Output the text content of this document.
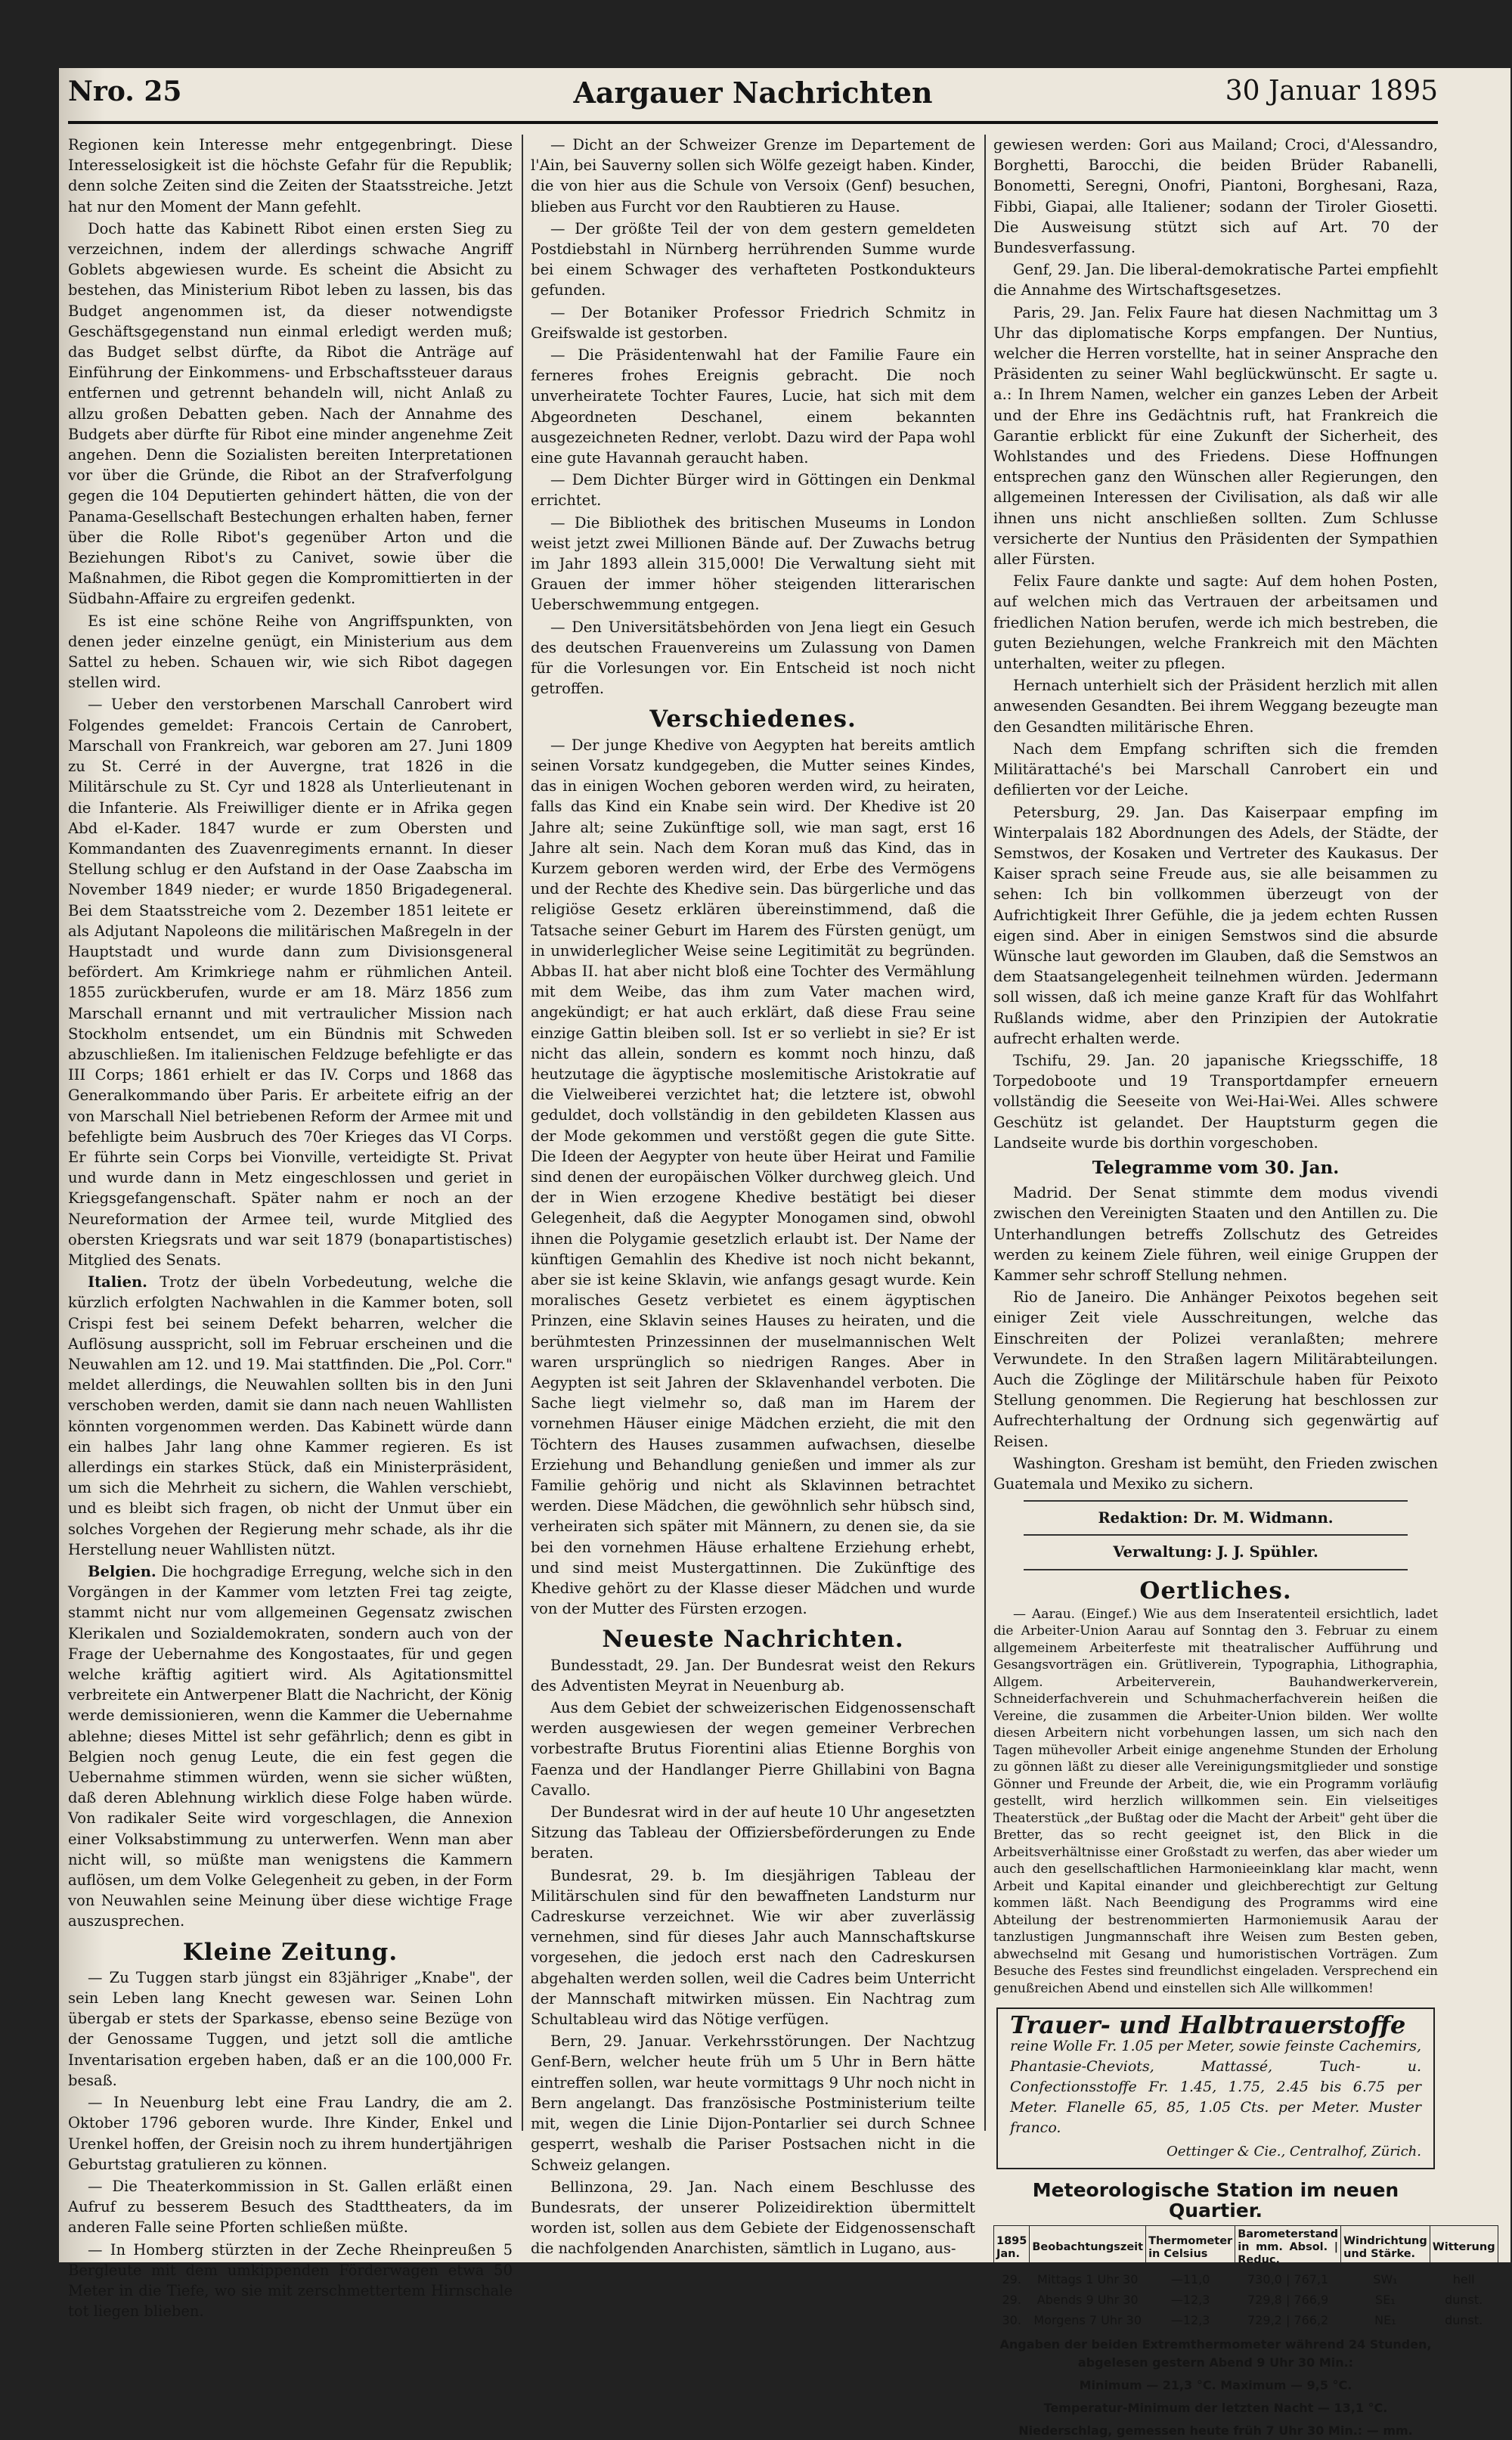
Nro. 25	Aargauer Nachrichten	30 Januar 1895

Regionen kein Interesse mehr entgegenbringt. Diese Interesselosigkeit ist die höchste Gefahr für die Republik; denn solche Zeiten sind die Zeiten der Staatsstreiche. Jetzt hat nur den Moment der Mann gefehlt.

Doch hatte das Kabinett Ribot einen ersten Sieg zu verzeichnen, indem der allerdings schwache Angriff Goblets abgewiesen wurde. Es scheint die Absicht zu bestehen, das Ministerium Ribot leben zu lassen, bis das Budget angenommen ist, da dieser notwendigste Geschäftsgegenstand nun einmal erledigt werden muß; das Budget selbst dürfte, da Ribot die Anträge auf Einführung der Einkommens- und Erbschaftssteuer daraus entfernen und getrennt behandeln will, nicht Anlaß zu allzu großen Debatten geben. Nach der Annahme des Budgets aber dürfte für Ribot eine minder angenehme Zeit angehen. Denn die Sozialisten bereiten Interpretationen vor über die Gründe, die Ribot an der Strafverfolgung gegen die 104 Deputierten gehindert hätten, die von der Panama-Gesellschaft Bestechungen erhalten haben, ferner über die Rolle Ribot's gegenüber Arton und die Beziehungen Ribot's zu Canivet, sowie über die Maßnahmen, die Ribot gegen die Kompromittierten in der Südbahn-Affaire zu ergreifen gedenkt.

Es ist eine schöne Reihe von Angriffspunkten, von denen jeder einzelne genügt, ein Ministerium aus dem Sattel zu heben. Schauen wir, wie sich Ribot dagegen stellen wird.

— Ueber den verstorbenen Marschall Canrobert wird Folgendes gemeldet: Francois Certain de Canrobert, Marschall von Frankreich, war geboren am 27. Juni 1809 zu St. Cerré in der Auvergne, trat 1826 in die Militärschule zu St. Cyr und 1828 als Unterlieutenant in die Infanterie. Als Freiwilliger diente er in Afrika gegen Abd el-Kader. 1847 wurde er zum Obersten und Kommandanten des Zuavenregiments ernannt. In dieser Stellung schlug er den Aufstand in der Oase Zaabscha im November 1849 nieder; er wurde 1850 Brigadegeneral. Bei dem Staatsstreiche vom 2. Dezember 1851 leitete er als Adjutant Napoleons die militärischen Maßregeln in der Hauptstadt und wurde dann zum Divisionsgeneral befördert. Am Krimkriege nahm er rühmlichen Anteil. 1855 zurückberufen, wurde er am 18. März 1856 zum Marschall ernannt und mit vertraulicher Mission nach Stockholm entsendet, um ein Bündnis mit Schweden abzuschließen. Im italienischen Feldzuge befehligte er das III Corps; 1861 erhielt er das IV. Corps und 1868 das Generalkommando über Paris. Er arbeitete eifrig an der von Marschall Niel betriebenen Reform der Armee mit und befehligte beim Ausbruch des 70er Krieges das VI Corps. Er führte sein Corps bei Vionville, verteidigte St. Privat und wurde dann in Metz eingeschlossen und geriet in Kriegsgefangenschaft. Später nahm er noch an der Neureformation der Armee teil, wurde Mitglied des obersten Kriegsrats und war seit 1879 (bonapartistisches) Mitglied des Senats.

Italien. Trotz der übeln Vorbedeutung, welche die kürzlich erfolgten Nachwahlen in die Kammer boten, soll Crispi fest bei seinem Defekt beharren, welcher die Auflösung ausspricht, soll im Februar erscheinen und die Neuwahlen am 12. und 19. Mai stattfinden. Die „Pol. Corr." meldet allerdings, die Neuwahlen sollten bis in den Juni verschoben werden, damit sie dann nach neuen Wahllisten könnten vorgenommen werden. Das Kabinett würde dann ein halbes Jahr lang ohne Kammer regieren. Es ist allerdings ein starkes Stück, daß ein Ministerpräsident, um sich die Mehrheit zu sichern, die Wahlen verschiebt, und es bleibt sich fragen, ob nicht der Unmut über ein solches Vorgehen der Regierung mehr schade, als ihr die Herstellung neuer Wahllisten nützt.

Belgien. Die hochgradige Erregung, welche sich in den Vorgängen in der Kammer vom letzten Frei tag zeigte, stammt nicht nur vom allgemeinen Gegensatz zwischen Klerikalen und Sozialdemokraten, sondern auch von der Frage der Uebernahme des Kongostaates, für und gegen welche kräftig agitiert wird. Als Agitationsmittel verbreitete ein Antwerpener Blatt die Nachricht, der König werde demissionieren, wenn die Kammer die Uebernahme ablehne; dieses Mittel ist sehr gefährlich; denn es gibt in Belgien noch genug Leute, die ein fest gegen die Uebernahme stimmen würden, wenn sie sicher wüßten, daß deren Ablehnung wirklich diese Folge haben würde. Von radikaler Seite wird vorgeschlagen, die Annexion einer Volksabstimmung zu unterwerfen. Wenn man aber nicht will, so müßte man wenigstens die Kammern auflösen, um dem Volke Gelegenheit zu geben, in der Form von Neuwahlen seine Meinung über diese wichtige Frage auszusprechen.

Kleine Zeitung.

— Zu Tuggen starb jüngst ein 83jähriger „Knabe", der sein Leben lang Knecht gewesen war. Seinen Lohn übergab er stets der Sparkasse, ebenso seine Bezüge von der Genossame Tuggen, und jetzt soll die amtliche Inventarisation ergeben haben, daß er an die 100,000 Fr. besaß.

— In Neuenburg lebt eine Frau Landry, die am 2. Oktober 1796 geboren wurde. Ihre Kinder, Enkel und Urenkel hoffen, der Greisin noch zu ihrem hundertjährigen Geburtstag gratulieren zu können.

— Die Theaterkommission in St. Gallen erläßt einen Aufruf zu besserem Besuch des Stadttheaters, da im anderen Falle seine Pforten schließen müßte.

— In Homberg stürzten in der Zeche Rheinpreußen 5 Bergleute mit dem umkippenden Förderwagen etwa 50 Meter in die Tiefe, wo sie mit zerschmettertem Hirnschale tot liegen blieben.

— Dicht an der Schweizer Grenze im Departement de l'Ain, bei Sauverny sollen sich Wölfe gezeigt haben. Kinder, die von hier aus die Schule von Versoix (Genf) besuchen, blieben aus Furcht vor den Raubtieren zu Hause.

— Der größte Teil der von dem gestern gemeldeten Postdiebstahl in Nürnberg herrührenden Summe wurde bei einem Schwager des verhafteten Postkondukteurs gefunden.

— Der Botaniker Professor Friedrich Schmitz in Greifswalde ist gestorben.

— Die Präsidentenwahl hat der Familie Faure ein ferneres frohes Ereignis gebracht. Die noch unverheiratete Tochter Faures, Lucie, hat sich mit dem Abgeordneten Deschanel, einem bekannten ausgezeichneten Redner, verlobt. Dazu wird der Papa wohl eine gute Havannah geraucht haben.

— Dem Dichter Bürger wird in Göttingen ein Denkmal errichtet.

— Die Bibliothek des britischen Museums in London weist jetzt zwei Millionen Bände auf. Der Zuwachs betrug im Jahr 1893 allein 315,000! Die Verwaltung sieht mit Grauen der immer höher steigenden litterarischen Ueberschwemmung entgegen.

— Den Universitätsbehörden von Jena liegt ein Gesuch des deutschen Frauenvereins um Zulassung von Damen für die Vorlesungen vor. Ein Entscheid ist noch nicht getroffen.

Verschiedenes.

— Der junge Khedive von Aegypten hat bereits amtlich seinen Vorsatz kundgegeben, die Mutter seines Kindes, das in einigen Wochen geboren werden wird, zu heiraten, falls das Kind ein Knabe sein wird. Der Khedive ist 20 Jahre alt; seine Zukünftige soll, wie man sagt, erst 16 Jahre alt sein. Nach dem Koran muß das Kind, das in Kurzem geboren werden wird, der Erbe des Vermögens und der Rechte des Khedive sein. Das bürgerliche und das religiöse Gesetz erklären übereinstimmend, daß die Tatsache seiner Geburt im Harem des Fürsten genügt, um in unwiderleglicher Weise seine Legitimität zu begründen. Abbas II. hat aber nicht bloß eine Tochter des Vermählung mit dem Weibe, das ihm zum Vater machen wird, angekündigt; er hat auch erklärt, daß diese Frau seine einzige Gattin bleiben soll. Ist er so verliebt in sie? Er ist nicht das allein, sondern es kommt noch hinzu, daß heutzutage die ägyptische moslemitische Aristokratie auf die Vielweiberei verzichtet hat; die letztere ist, obwohl geduldet, doch vollständig in den gebildeten Klassen aus der Mode gekommen und verstößt gegen die gute Sitte. Die Ideen der Aegypter von heute über Heirat und Familie sind denen der europäischen Völker durchweg gleich. Und der in Wien erzogene Khedive bestätigt bei dieser Gelegenheit, daß die Aegypter Monogamen sind, obwohl ihnen die Polygamie gesetzlich erlaubt ist. Der Name der künftigen Gemahlin des Khedive ist noch nicht bekannt, aber sie ist keine Sklavin, wie anfangs gesagt wurde. Kein moralisches Gesetz verbietet es einem ägyptischen Prinzen, eine Sklavin seines Hauses zu heiraten, und die berühmtesten Prinzessinnen der muselmannischen Welt waren ursprünglich so niedrigen Ranges. Aber in Aegypten ist seit Jahren der Sklavenhandel verboten. Die Sache liegt vielmehr so, daß man im Harem der vornehmen Häuser einige Mädchen erzieht, die mit den Töchtern des Hauses zusammen aufwachsen, dieselbe Erziehung und Behandlung genießen und immer als zur Familie gehörig und nicht als Sklavinnen betrachtet werden. Diese Mädchen, die gewöhnlich sehr hübsch sind, verheiraten sich später mit Männern, zu denen sie, da sie bei den vornehmen Häuse erhaltene Erziehung erhebt, und sind meist Mustergattinnen. Die Zukünftige des Khedive gehört zu der Klasse dieser Mädchen und wurde von der Mutter des Fürsten erzogen.

Neueste Nachrichten.

Bundesstadt, 29. Jan. Der Bundesrat weist den Rekurs des Adventisten Meyrat in Neuenburg ab.

Aus dem Gebiet der schweizerischen Eidgenossenschaft werden ausgewiesen der wegen gemeiner Verbrechen vorbestrafte Brutus Fiorentini alias Etienne Borghis von Faenza und der Handlanger Pierre Ghillabini von Bagna Cavallo.

Der Bundesrat wird in der auf heute 10 Uhr angesetzten Sitzung das Tableau der Offiziersbeförderungen zu Ende beraten.

Bundesrat, 29. b. Im diesjährigen Tableau der Militärschulen sind für den bewaffneten Landsturm nur Cadreskurse verzeichnet. Wie wir aber zuverlässig vernehmen, sind für dieses Jahr auch Mannschaftskurse vorgesehen, die jedoch erst nach den Cadreskursen abgehalten werden sollen, weil die Cadres beim Unterricht der Mannschaft mitwirken müssen. Ein Nachtrag zum Schultableau wird das Nötige verfügen.

Bern, 29. Januar. Verkehrsstörungen. Der Nachtzug Genf-Bern, welcher heute früh um 5 Uhr in Bern hätte eintreffen sollen, war heute vormittags 9 Uhr noch nicht in Bern angelangt. Das französische Postministerium teilte mit, wegen die Linie Dijon-Pontarlier sei durch Schnee gesperrt, weshalb die Pariser Postsachen nicht in die Schweiz gelangen.

Bellinzona, 29. Jan. Nach einem Beschlusse des Bundesrats, der unserer Polizeidirektion übermittelt worden ist, sollen aus dem Gebiete der Eidgenossenschaft die nachfolgenden Anarchisten, sämtlich in Lugano, aus-

gewiesen werden: Gori aus Mailand; Croci, d'Alessandro, Borghetti, Barocchi, die beiden Brüder Rabanelli, Bonometti, Seregni, Onofri, Piantoni, Borghesani, Raza, Fibbi, Giapai, alle Italiener; sodann der Tiroler Giosetti. Die Ausweisung stützt sich auf Art. 70 der Bundesverfassung.

Genf, 29. Jan. Die liberal-demokratische Partei empfiehlt die Annahme des Wirtschaftsgesetzes.

Paris, 29. Jan. Felix Faure hat diesen Nachmittag um 3 Uhr das diplomatische Korps empfangen. Der Nuntius, welcher die Herren vorstellte, hat in seiner Ansprache den Präsidenten zu seiner Wahl beglückwünscht. Er sagte u. a.: In Ihrem Namen, welcher ein ganzes Leben der Arbeit und der Ehre ins Gedächtnis ruft, hat Frankreich die Garantie erblickt für eine Zukunft der Sicherheit, des Wohlstandes und des Friedens. Diese Hoffnungen entsprechen ganz den Wünschen aller Regierungen, den allgemeinen Interessen der Civilisation, als daß wir alle ihnen uns nicht anschließen sollten. Zum Schlusse versicherte der Nuntius den Präsidenten der Sympathien aller Fürsten.

Felix Faure dankte und sagte: Auf dem hohen Posten, auf welchen mich das Vertrauen der arbeitsamen und friedlichen Nation berufen, werde ich mich bestreben, die guten Beziehungen, welche Frankreich mit den Mächten unterhalten, weiter zu pflegen.

Hernach unterhielt sich der Präsident herzlich mit allen anwesenden Gesandten. Bei ihrem Weggang bezeugte man den Gesandten militärische Ehren.

Nach dem Empfang schriften sich die fremden Militärattaché's bei Marschall Canrobert ein und defilierten vor der Leiche.

Petersburg, 29. Jan. Das Kaiserpaar empfing im Winterpalais 182 Abordnungen des Adels, der Städte, der Semstwos, der Kosaken und Vertreter des Kaukasus. Der Kaiser sprach seine Freude aus, sie alle beisammen zu sehen: Ich bin vollkommen überzeugt von der Aufrichtigkeit Ihrer Gefühle, die ja jedem echten Russen eigen sind. Aber in einigen Semstwos sind die absurde Wünsche laut geworden im Glauben, daß die Semstwos an dem Staatsangelegenheit teilnehmen würden. Jedermann soll wissen, daß ich meine ganze Kraft für das Wohlfahrt Rußlands widme, aber den Prinzipien der Autokratie aufrecht erhalten werde.

Tschifu, 29. Jan. 20 japanische Kriegsschiffe, 18 Torpedoboote und 19 Transportdampfer erneuern vollständig die Seeseite von Wei-Hai-Wei. Alles schwere Geschütz ist gelandet. Der Hauptsturm gegen die Landseite wurde bis dorthin vorgeschoben.

Telegramme vom 30. Jan.

Madrid. Der Senat stimmte dem modus vivendi zwischen den Vereinigten Staaten und den Antillen zu. Die Unterhandlungen betreffs Zollschutz des Getreides werden zu keinem Ziele führen, weil einige Gruppen der Kammer sehr schroff Stellung nehmen.

Rio de Janeiro. Die Anhänger Peixotos begehen seit einiger Zeit viele Ausschreitungen, welche das Einschreiten der Polizei veranlaßten; mehrere Verwundete. In den Straßen lagern Militärabteilungen. Auch die Zöglinge der Militärschule haben für Peixoto Stellung genommen. Die Regierung hat beschlossen zur Aufrechterhaltung der Ordnung sich gegenwärtig auf Reisen.

Washington. Gresham ist bemüht, den Frieden zwischen Guatemala und Mexiko zu sichern.

Redaktion: Dr. M. Widmann.

Verwaltung: J. J. Spühler.

Oertliches.

— Aarau. (Eingef.) Wie aus dem Inseratenteil ersichtlich, ladet die Arbeiter-Union Aarau auf Sonntag den 3. Februar zu einem allgemeinem Arbeiterfeste mit theatralischer Aufführung und Gesangsvorträgen ein. Grütliverein, Typographia, Lithographia, Allgem. Arbeiterverein, Bauhandwerkerverein, Schneiderfachverein und Schuhmacherfachverein heißen die Vereine, die zusammen die Arbeiter-Union bilden. Wer wollte diesen Arbeitern nicht vorbehungen lassen, um sich nach den Tagen mühevoller Arbeit einige angenehme Stunden der Erholung zu gönnen läßt zu dieser alle Vereinigungsmitglieder und sonstige Gönner und Freunde der Arbeit, die, wie ein Programm vorläufig gestellt, wird herzlich willkommen sein. Ein vielseitiges Theaterstück „der Bußtag oder die Macht der Arbeit" geht über die Bretter, das so recht geeignet ist, den Blick in die Arbeitsverhältnisse einer Großstadt zu werfen, das aber wieder um auch den gesellschaftlichen Harmonieeinklang klar macht, wenn Arbeit und Kapital einander und gleichberechtigt zur Geltung kommen läßt. Nach Beendigung des Programms wird eine Abteilung der bestrenommierten Harmoniemusik Aarau der tanzlustigen Jungmannschaft ihre Weisen zum Besten geben, abwechselnd mit Gesang und humoristischen Vorträgen. Zum Besuche des Festes sind freundlichst eingeladen. Versprechend ein genußreichen Abend und einstellen sich Alle willkommen!

Trauer- und Halbtrauerstoffe
reine Wolle Fr. 1.05 per Meter, sowie feinste Cachemirs, Phantasie-Cheviots, Mattassé, Tuch- u. Confectionsstoffe Fr. 1.45, 1.75, 2.45 bis 6.75 per Meter. Flanelle 65, 85, 1.05 Cts. per Meter. Muster franco.
Oettinger & Cie., Centralhof, Zürich.
Meteorologische Station im neuen Quartier.
1895 Jan.	Beobachtungszeit	Thermometer in Celsius	Barometerstand in mm. Absol. | Reduc.	Windrichtung und Stärke.	Witterung
29.	Mittags 1 Uhr 30	—11,0	730,0 | 767,1	SW₁	hell
29.	Abends 9 Uhr 30	—12,3	729,8 | 766,9	SE₁	dunst.
30.	Morgens 7 Uhr 30	—12,3	729,2 | 766,2	NE₁	dunst.
Angaben der beiden Extremthermometer während 24 Stunden, abgelesen gestern Abend 9 Uhr 30 Min.:
Minimum — 21,3 °C. Maximum — 9,5 °C.
Temperatur-Minimum der letzten Nacht — 13,1 °C.
Niederschlag, gemessen heute früh 7 Uhr 30 Min.: — mm.
